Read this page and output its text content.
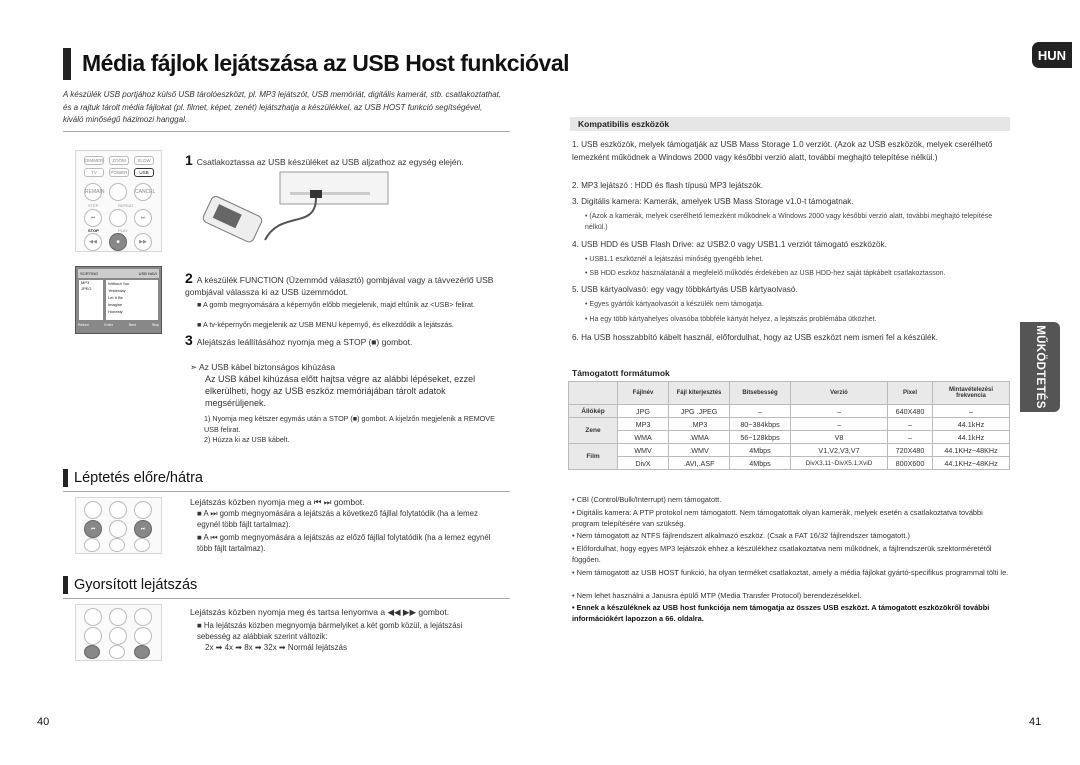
Média fájlok lejátszása az USB Host funkcióval	HUN
A készülék USB portjához külső USB tárolóeszközt, pl. MP3 lejátszót, USB memóriát, digitális kamerát, stb. csatlakoztathat, és a rajtuk tárolt média fájlokat (pl. filmet, képet, zenét) lejátszhatja a készülékkel, az USB HOST funkció segítségével, kiváló minőségű házimozi hanggal.
MŰKÖDTETÉS
DIMMER	ZOOM	SLOW
TV	POWER	USB
REMAIN	CANCEL
STEP	REPEAT
⏮	⏭
STOP	PLAY
◀◀	■	▶▶
1 Csatlakoztassa az USB készüléket az USB aljzathoz az egység elején.
SORTING	USB NAVI
MP3
JPEG
Without You
Yesterday
Let It Be
Imagine
Honesty
Return	Enter	Next	Stop
2 A készülék FUNCTION (Üzemmód választó) gombjával vagy a távvezérlő USB gombjával válassza ki az USB üzemmódot.
■ A gomb megnyomására a képernyőn előbb megjelenik, majd eltűnik az <USB> felirat.
■ A tv-képernyőn megjelenik az USB MENU képernyő, és elkezdődik a lejátszás.
3 Alejátszás leállításához nyomja meg a STOP (■) gombot.
➣ Az USB kábel biztonságos kihúzása
Az USB kábel kihúzása előtt hajtsa végre az alábbi lépéseket, ezzel elkerülheti, hogy az USB eszköz memóriájában tárolt adatok megsérüljenek.
1) Nyomja meg kétszer egymás után a STOP (■) gombot. A kijelzőn megjelenik a REMOVE USB felirat.
2) Húzza ki az USB kábelt.
Léptetés előre/hátra
⏮	⏭
Lejátszás közben nyomja meg a ⏮ ⏭ gombot.
■ A ⏭ gomb megnyomására a lejátszás a következő fájllal folytatódik (ha a lemez egynél több fájlt tartalmaz).
■ A ⏮ gomb megnyomására a lejátszás az előző fájllal folytatódik (ha a lemez egynél több fájlt tartalmaz).
Gyorsított lejátszás
Lejátszás közben nyomja meg és tartsa lenyomva a ◀◀ ▶▶ gombot.
■ Ha lejátszás közben megnyomja bármelyiket a két gomb közül, a lejátszási sebesség az alábbiak szerint változik:
2x ➡ 4x ➡ 8x ➡ 32x ➡ Normál lejátszás
Kompatibilis eszközök
1. USB eszközök, melyek támogatják az USB Mass Storage 1.0 verziót. (Azok az USB eszközök, melyek cserélhető lemezként működnek a Windows 2000 vagy későbbi verzió alatt, további meghajtó telepítése nélkül.)
2. MP3 lejátszó : HDD és flash típusú MP3 lejátszók.
3. Digitális kamera: Kamerák, amelyek USB Mass Storage v1.0-t támogatnak.
• (Azok a kamerák, melyek cserélhető lemezként működnek a Windows 2000 vagy későbbi verzió alatt, további meghajtó telepítése nélkül.)
4. USB HDD és USB Flash Drive: az USB2.0 vagy USB1.1 verziót támogató eszközök.
• USB1.1 eszköznél a lejátszási minőség gyengébb lehet.
• SB HDD eszköz használatánál a megfelelő működés érdekében az USB HDD-hez saját tápkábelt csatlakoztasson.
5. USB kártyaolvasó: egy vagy többkártyás USB kártyaolvasó.
• Egyes gyártók kártyaolvasóit a készülék nem támogatja.
• Ha egy több kártyahelyes olvasóba többféle kártyát helyez, a lejátszás problémába ütközhet.
6. Ha USB hosszabbító kábelt használ, előfordulhat, hogy az USB eszközt nem ismeri fel a készülék.
Támogatott formátumok
	Fájlnév	Fájl kiterjesztés	Bitsebesség	Verzió	Pixel	Mintavételezési frekvencia
Állókép	JPG	JPG .JPEG	–	–	640X480	–
Zene	MP3	.MP3	80~384kbps	–	–	44.1kHz
	WMA	.WMA	56~128kbps	V8	–	44.1kHz
Film	WMV	.WMV	4Mbps	V1,V2,V3,V7	720X480	44.1KHz~48KHz
	DivX	.AVI,.ASF	4Mbps	DivX3.11~DivX5.1,XviD	800X600	44.1KHz~48KHz
• CBI (Control/Bulk/Interrupt) nem támogatott.
• Digitális kamera: A PTP protokol nem támogatott. Nem támogatottak olyan kamerák, melyek esetén a csatlakoztatva további program telepítésére van szükség.
• Nem támogatott az NTFS fájlrendszert alkalmazó eszköz. (Csak a FAT 16/32 fájlrendszer támogatott.)
• Előfordulhat, hogy egyes MP3 lejátszók ehhez a készülékhez csatlakoztatva nem működnek, a fájlrendszerük szektorméretétől függően.
• Nem támogatott az USB HOST funkció, ha olyan terméket csatlakoztat, amely a média fájlokat gyártó-specifikus programmal tölti le.
• Nem lehet használni a Janusra épülő MTP (Media Transfer Protocol) berendezésekkel.
• Ennek a készüléknek az USB host funkciója nem támogatja az összes USB eszközt. A támogatott eszközökről további információkért lapozzon a 66. oldalra.
40	41
